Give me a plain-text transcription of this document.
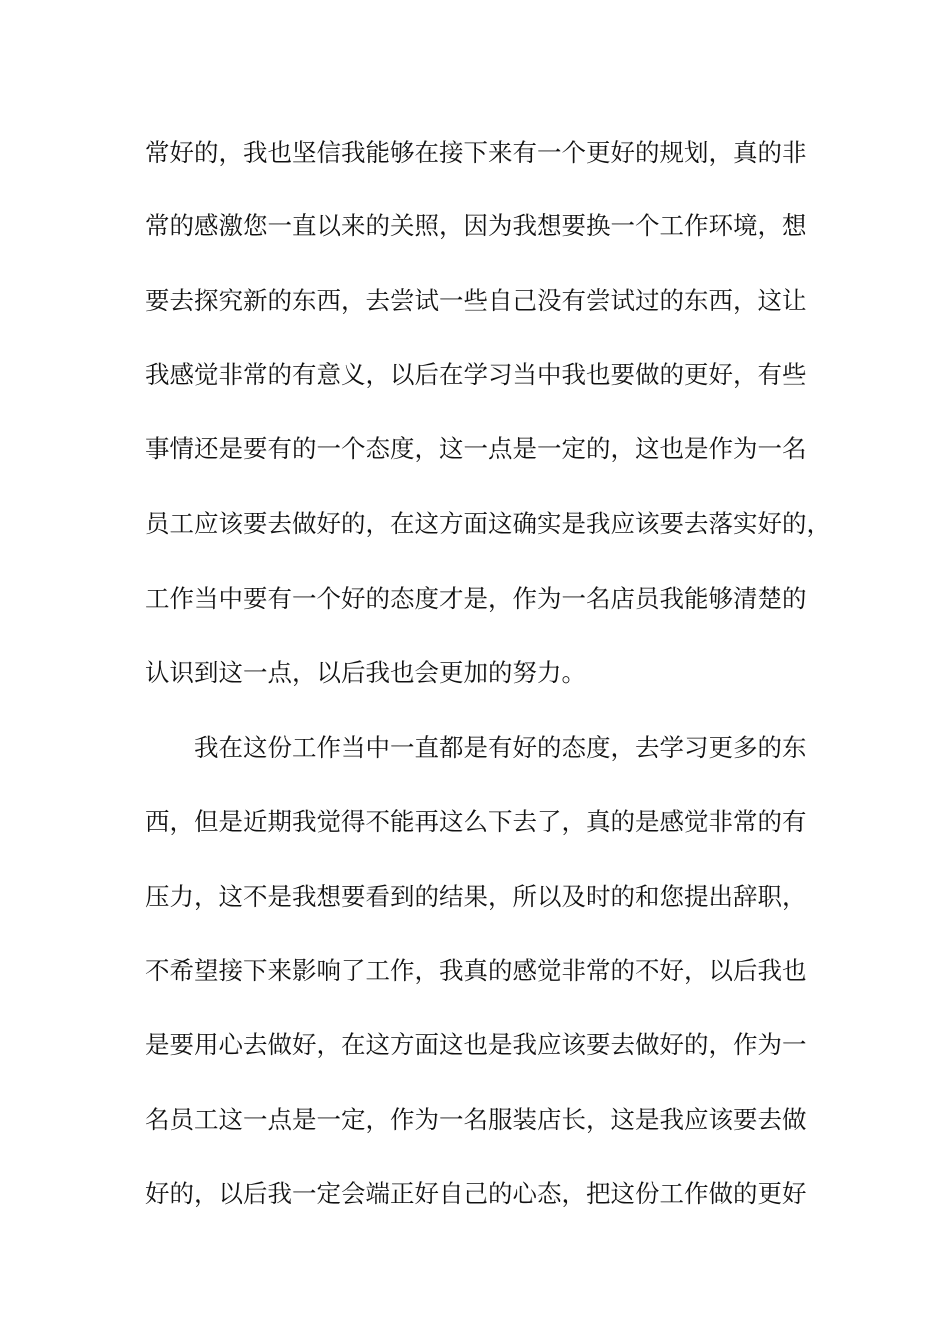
常好的，我也坚信我能够在接下来有一个更好的规划，真的非
常的感激您一直以来的关照，因为我想要换一个工作环境，想
要去探究新的东西，去尝试一些自己没有尝试过的东西，这让
我感觉非常的有意义，以后在学习当中我也要做的更好，有些
事情还是要有的一个态度，这一点是一定的，这也是作为一名
员工应该要去做好的，在这方面这确实是我应该要去落实好的，
工作当中要有一个好的态度才是，作为一名店员我能够清楚的
认识到这一点，以后我也会更加的努力。
我在这份工作当中一直都是有好的态度，去学习更多的东
西，但是近期我觉得不能再这么下去了，真的是感觉非常的有
压力，这不是我想要看到的结果，所以及时的和您提出辞职，
不希望接下来影响了工作，我真的感觉非常的不好，以后我也
是要用心去做好，在这方面这也是我应该要去做好的，作为一
名员工这一点是一定，作为一名服装店长，这是我应该要去做
好的，以后我一定会端正好自己的心态，把这份工作做的更好
